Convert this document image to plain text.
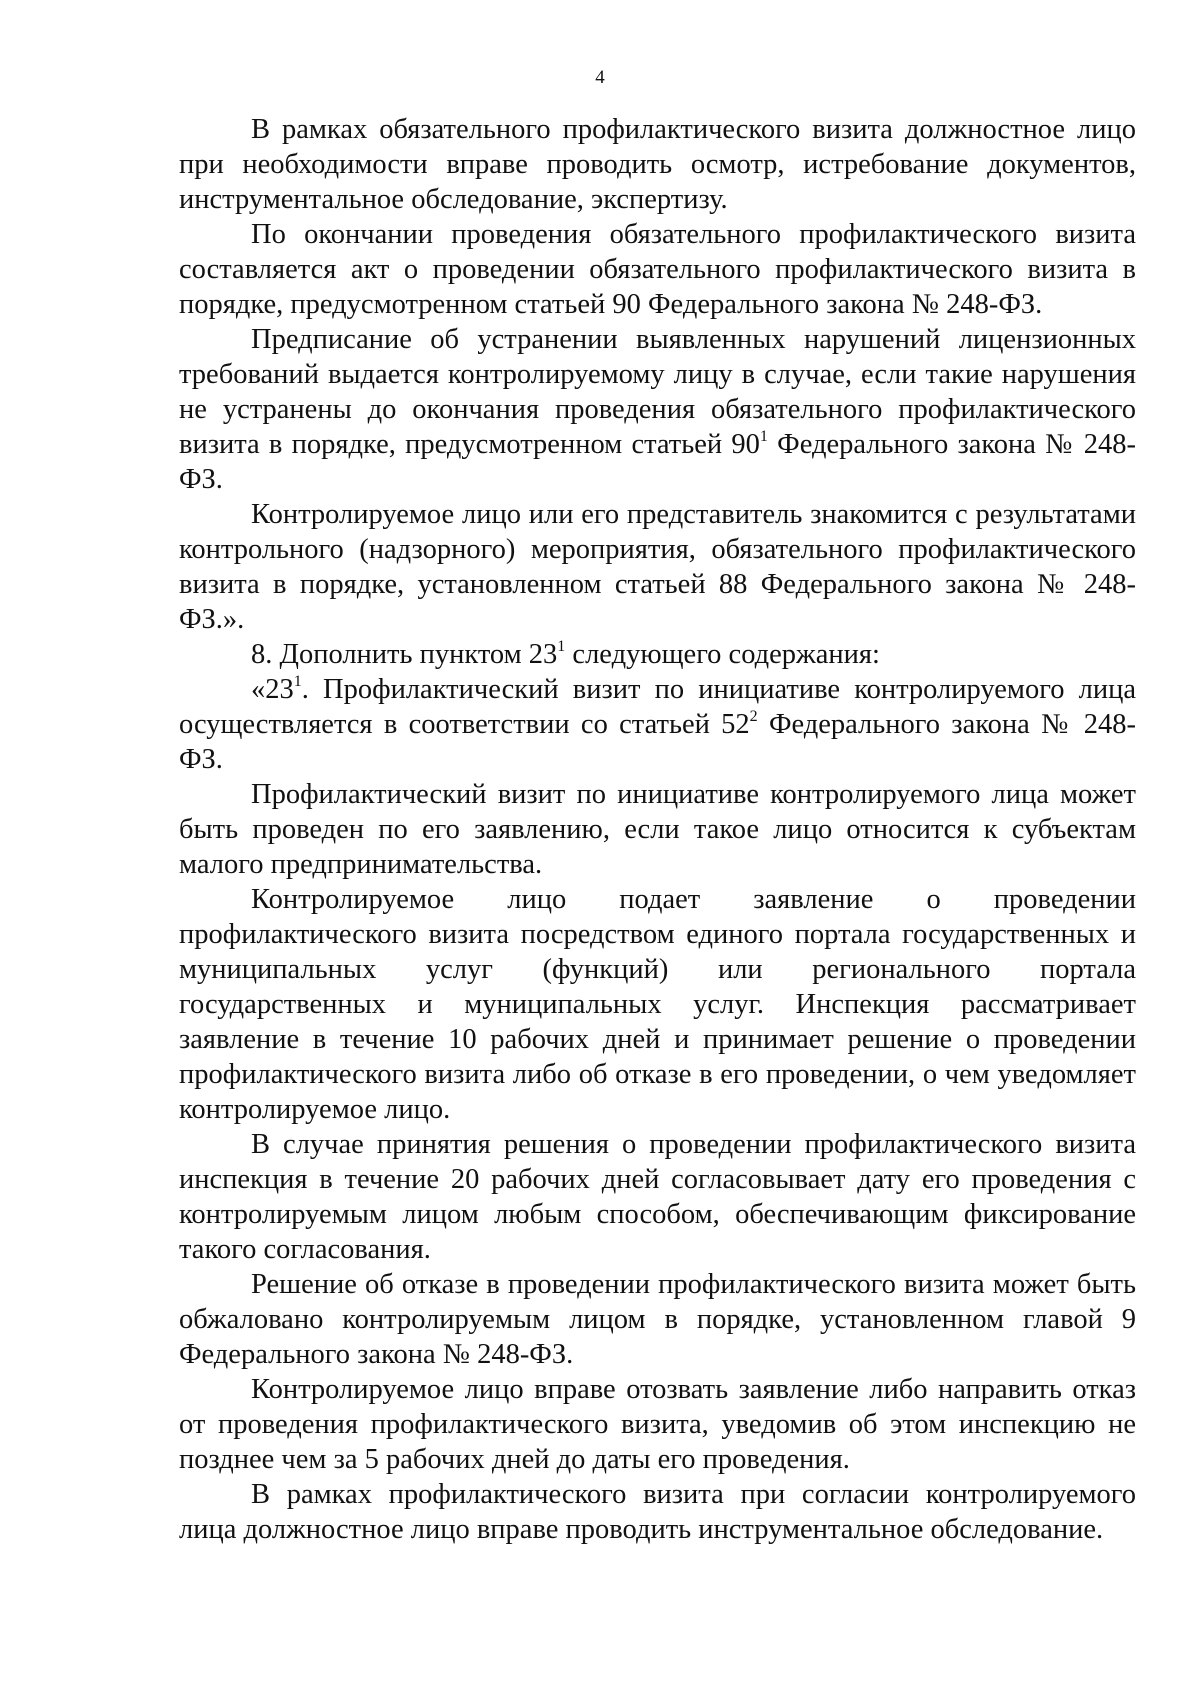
4

В рамках обязательного профилактического визита должностное лицо при необходимости вправе проводить осмотр, истребование документов, инструментальное обследование, экспертизу.

По окончании проведения обязательного профилактического визита составляется акт о проведении обязательного профилактического визита в порядке, предусмотренном статьей 90 Федерального закона № 248-ФЗ.

Предписание об устранении выявленных нарушений лицензионных требований выдается контролируемому лицу в случае, если такие нарушения не устранены до окончания проведения обязательного профилактического визита в порядке, предусмотренном статьей $90^1$ Федерального закона № 248-ФЗ.

Контролируемое лицо или его представитель знакомится с результатами контрольного (надзорного) мероприятия, обязательного профилактического визита в порядке, установленном статьей 88 Федерального закона № 248-ФЗ.».

8. Дополнить пунктом $23^1$ следующего содержания:

«$23^1$. Профилактический визит по инициативе контролируемого лица осуществляется в соответствии со статьей $52^2$ Федерального закона № 248-ФЗ.

Профилактический визит по инициативе контролируемого лица может быть проведен по его заявлению, если такое лицо относится к субъектам малого предпринимательства.

Контролируемое лицо подает заявление о проведении профилактического визита посредством единого портала государственных и муниципальных услуг (функций) или регионального портала государственных и муниципальных услуг. Инспекция рассматривает заявление в течение 10 рабочих дней и принимает решение о проведении профилактического визита либо об отказе в его проведении, о чем уведомляет контролируемое лицо.

В случае принятия решения о проведении профилактического визита инспекция в течение 20 рабочих дней согласовывает дату его проведения с контролируемым лицом любым способом, обеспечивающим фиксирование такого согласования.

Решение об отказе в проведении профилактического визита может быть обжаловано контролируемым лицом в порядке, установленном главой 9 Федерального закона № 248-ФЗ.

Контролируемое лицо вправе отозвать заявление либо направить отказ от проведения профилактического визита, уведомив об этом инспекцию не позднее чем за 5 рабочих дней до даты его проведения.

В рамках профилактического визита при согласии контролируемого лица должностное лицо вправе проводить инструментальное обследование.
